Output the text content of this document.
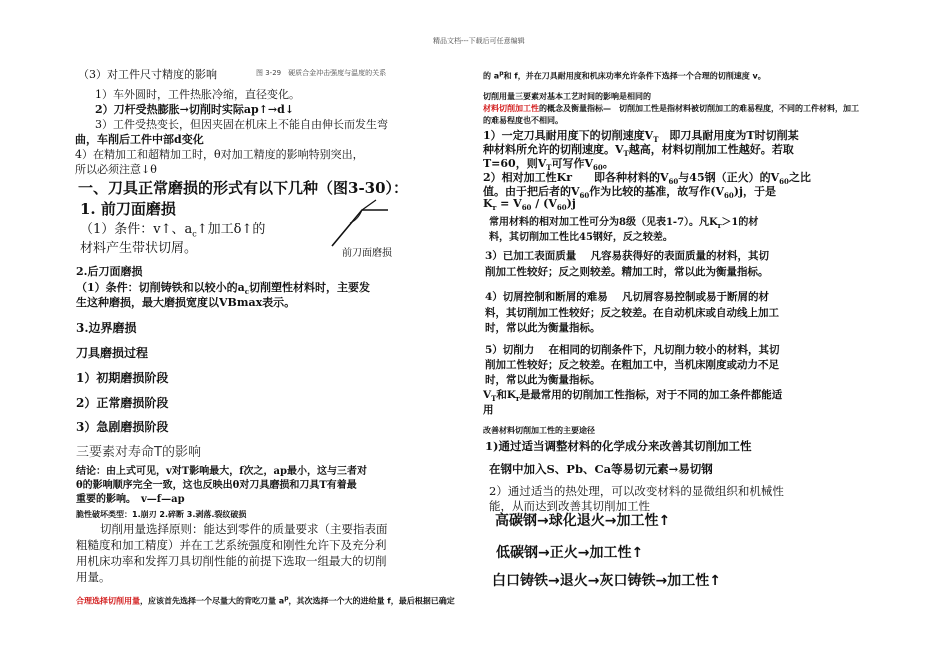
精品文档---下载后可任意编辑
（3）对工件尺寸精度的影响	图 3-29　硬质合金冲击强度与温度的关系
1）车外圆时，工件热胀冷缩，直径变化。
2）刀杆受热膨胀→切削时实际ap↑→d↓
3）工件受热变长，但因夹固在机床上不能自由伸长而发生弯
曲，车削后工件中部d变化
4）在精加工和超精加工时，θ对加工精度的影响特别突出，
所以必须注意↓θ
一、刀具正常磨损的形式有以下几种（图3-30）：
1. 前刀面磨损
（1）条件：v↑、$a_c↑$加工δ↑的
材料产生带状切屑。	前刀面磨损
2.后刀面磨损
（1）条件：切削铸铁和以较小的$a_c$切削塑性材料时，主要发
生这种磨损，最大磨损宽度以VBmax表示。
3.边界磨损
刀具磨损过程
1）初期磨损阶段
2）正常磨损阶段
3）急剧磨损阶段
三要素对寿命T的影响
结论：由上式可见，v对T影响最大，f次之，ap最小，这与三者对
θ的影响顺序完全一致，这也反映出θ对刀具磨损和刀具T有着最
重要的影响。　v—f—ap
脆性破坏类型：1.崩刃 2.碎断 3.剥落.裂纹破损
切削用量选择原则：能达到零件的质量要求（主要指表面
粗糙度和加工精度）并在工艺系统强度和刚性允许下及充分利
用机床功率和发挥刀具切削性能的前提下选取一组最大的切削
用量。
合理选择切削用量，应该首先选择一个尽量大的背吃刀量 $a^p$，其次选择一个大的进给量 f，最后根据已确定
的 $a^p$和 f，并在刀具耐用度和机床功率允许条件下选择一个合理的切削速度 v。
切削用量三要素对基本工艺时间的影响是相同的
材料切削加工性的概念及衡量指标—　切削加工性是指材料被切削加工的难易程度，不同的工件材料，加工
的难易程度也不相同。
1）一定刀具耐用度下的切削速度$V_T$　即刀具耐用度为T时切削某
种材料所允许的切削速度。$V_T$越高，材料切削加工性越好。若取
T=60，则$V_T$可写作$V_{60}$。
2）相对加工性Kr　　即各种材料的$V_{60}$与45钢（正火）的$V_{60}$之比
值。由于把后者的$V_{60}$作为比较的基准，故写作$(V_{60})j$，于是
$K_r = V_{60} / (V_{60})j$
常用材料的相对加工性可分为8级（见表1-7）。凡$K_r>1$的材
料，其切削加工性比45钢好，反之较差。
3）已加工表面质量　 凡容易获得好的表面质量的材料，其切
削加工性较好；反之则较差。精加工时，常以此为衡量指标。
4）切屑控制和断屑的难易　 凡切屑容易控制或易于断屑的材
料，其切削加工性较好；反之较差。在自动机床或自动线上加工
时，常以此为衡量指标。
5）切削力　 在相同的切削条件下，凡切削力较小的材料，其切
削加工性较好；反之较差。在粗加工中，当机床刚度或动力不足
时，常以此为衡量指标。
$V_T$和$K_r$是最常用的切削加工性指标，对于不同的加工条件都能适
用
改善材料切削加工性的主要途径
1)通过适当调整材料的化学成分来改善其切削加工性
在钢中加入S、Pb、Ca等易切元素→易切钢
2）通过适当的热处理，可以改变材料的显微组织和机械性
能，从而达到改善其切削加工性
高碳钢→球化退火→加工性↑
低碳钢→正火→加工性↑
白口铸铁→退火→灰口铸铁→加工性↑
